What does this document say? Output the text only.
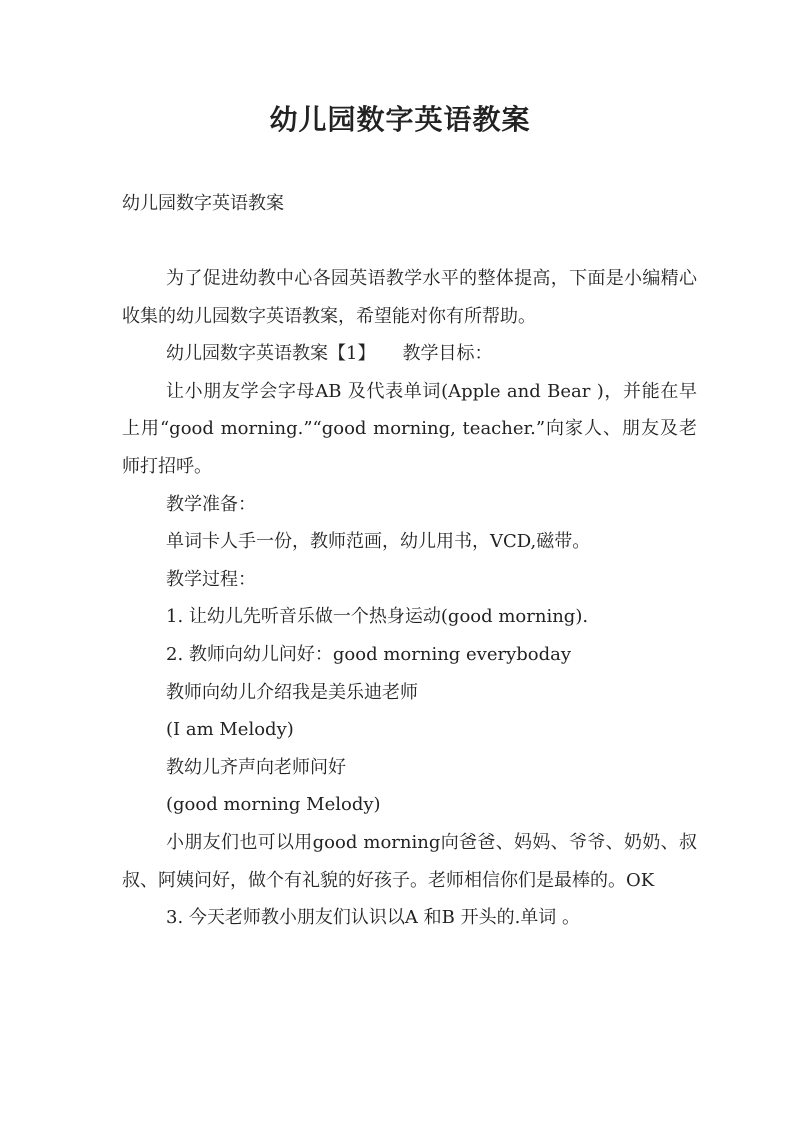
幼儿园数字英语教案
幼儿园数字英语教案

为了促进幼教中心各园英语教学水平的整体提高，下面是小编精心收集的幼儿园数字英语教案，希望能对你有所帮助。

幼儿园数字英语教案【1】　　教学目标：

让小朋友学会字母AB 及代表单词(Apple and Bear )，并能在早上用“good morning.”“good morning, teacher.”向家人、朋友及老师打招呼。

教学准备：

单词卡人手一份，教师范画，幼儿用书，VCD,磁带。

教学过程：

1. 让幼儿先听音乐做一个热身运动(good morning).

2. 教师向幼儿问好：good morning everyboday

教师向幼儿介绍我是美乐迪老师

(I am Melody)

教幼儿齐声向老师问好

(good morning Melody)

小朋友们也可以用good morning向爸爸、妈妈、爷爷、奶奶、叔叔、阿姨问好，做个有礼貌的好孩子。老师相信你们是最棒的。OK

3. 今天老师教小朋友们认识以A 和B 开头的.单词 。
